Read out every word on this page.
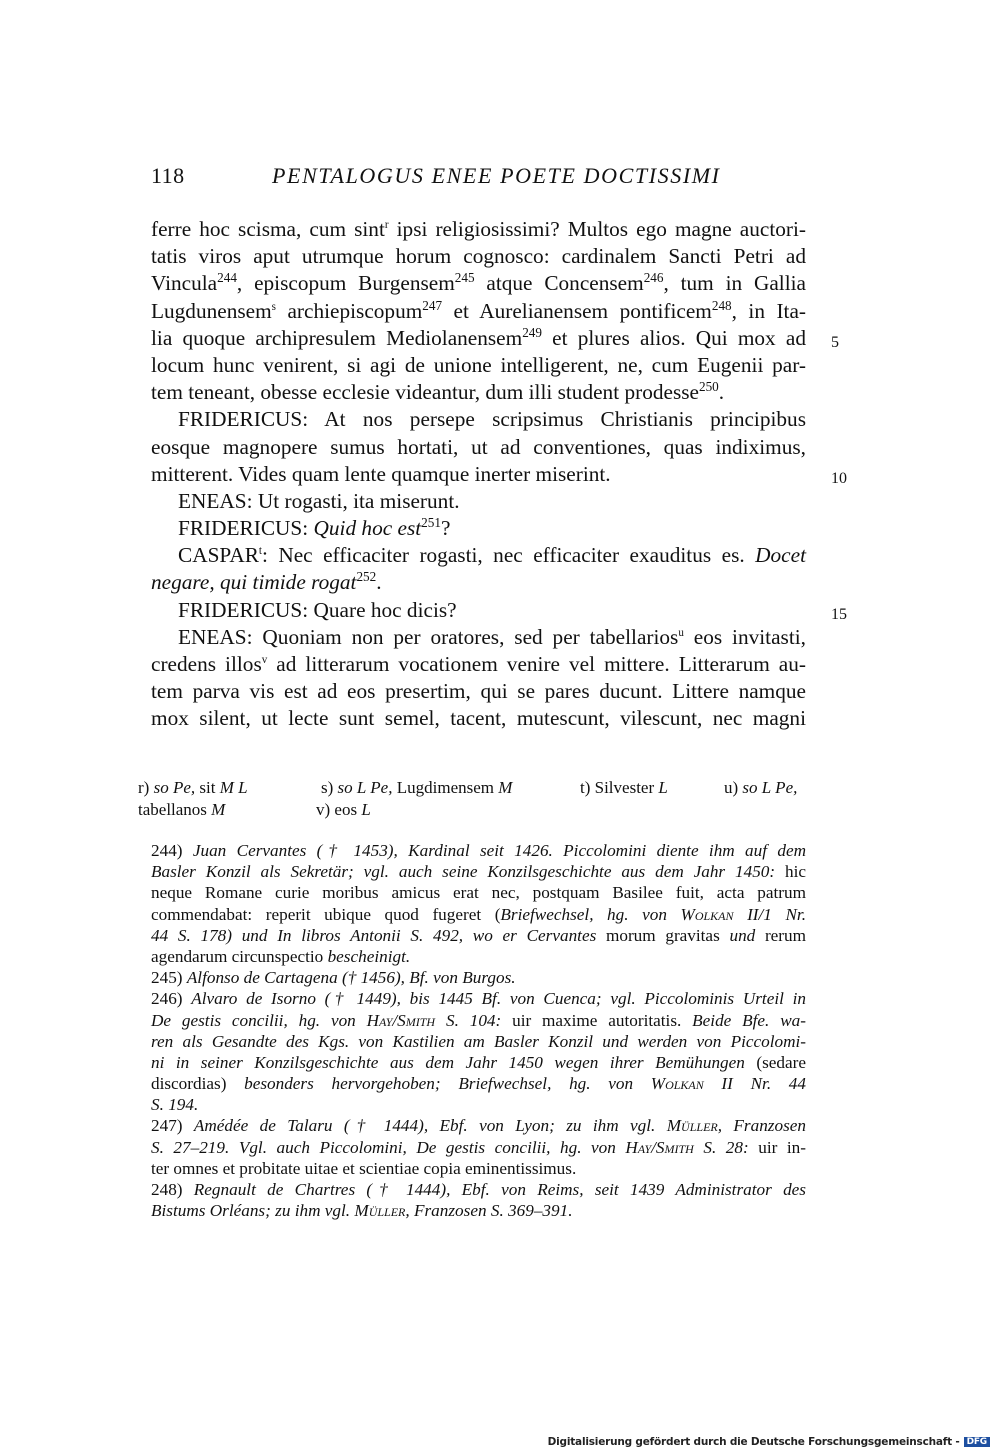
118	PENTALOGUS ENEE POETE DOCTISSIMI
ferre hoc scisma, cum sint$^r$ ipsi religiosissimi? Multos ego magne auctori-
tatis viros aput utrumque horum cognosco: cardinalem Sancti Petri ad
Vincula$^{244}$, episcopum Burgensem$^{245}$ atque Concensem$^{246}$, tum in Gallia
Lugdunensem$^s$ archiepiscopum$^{247}$ et Aurelianensem pontificem$^{248}$, in Ita-
lia quoque archipresulem Mediolanensem$^{249}$ et plures alios. Qui mox ad 5
locum hunc venirent, si agi de unione intelligerent, ne, cum Eugenii par-
tem teneant, obesse ecclesie videantur, dum illi student prodesse$^{250}$.
FRIDERICUS: At nos persepe scripsimus Christianis principibus
eosque magnopere sumus hortati, ut ad conventiones, quas indiximus,
mitterent. Vides quam lente quamque inerter miserint.	10
ENEAS: Ut rogasti, ita miserunt.
FRIDERICUS: Quid hoc est$^{251}$?
CASPAR$^t$: Nec efficaciter rogasti, nec efficaciter exauditus es. Docet
negare, qui timide rogat$^{252}$.
FRIDERICUS: Quare hoc dicis?	15
ENEAS: Quoniam non per oratores, sed per tabellarios$^u$ eos invitasti,
credens illos$^v$ ad litterarum vocationem venire vel mittere. Litterarum au-
tem parva vis est ad eos presertim, qui se pares ducunt. Littere namque
mox silent, ut lecte sunt semel, tacent, mutescunt, vilescunt, nec magni
r) so Pe, sit M L	s) so L Pe, Lugdimensem M	t) Silvester L	u) so L Pe,
tabellanos M	v) eos L
244) Juan Cervantes († 1453), Kardinal seit 1426. Piccolomini diente ihm auf dem
Basler Konzil als Sekretär; vgl. auch seine Konzilsgeschichte aus dem Jahr 1450: hic
neque Romane curie moribus amicus erat nec, postquam Basilee fuit, acta patrum
commendabat: reperit ubique quod fugeret (Briefwechsel, hg. von Wolkan II/1 Nr.
44 S. 178) und In libros Antonii S. 492, wo er Cervantes morum gravitas und rerum
agendarum circunspectio bescheinigt.
245) Alfonso de Cartagena († 1456), Bf. von Burgos.
246) Alvaro de Isorno († 1449), bis 1445 Bf. von Cuenca; vgl. Piccolominis Urteil in
De gestis concilii, hg. von Hay/Smith S. 104: uir maxime autoritatis. Beide Bfe. wa-
ren als Gesandte des Kgs. von Kastilien am Basler Konzil und werden von Piccolomi-
ni in seiner Konzilsgeschichte aus dem Jahr 1450 wegen ihrer Bemühungen (sedare
discordias) besonders hervorgehoben; Briefwechsel, hg. von Wolkan II Nr. 44
S. 194.
247) Amédée de Talaru († 1444), Ebf. von Lyon; zu ihm vgl. Müller, Franzosen
S. 27–219. Vgl. auch Piccolomini, De gestis concilii, hg. von Hay/Smith S. 28: uir in-
ter omnes et probitate uitae et scientiae copia eminentissimus.
248) Regnault de Chartres († 1444), Ebf. von Reims, seit 1439 Administrator des
Bistums Orléans; zu ihm vgl. Müller, Franzosen S. 369–391.
Digitalisierung gefördert durch die Deutsche Forschungsgemeinschaft - DFG
